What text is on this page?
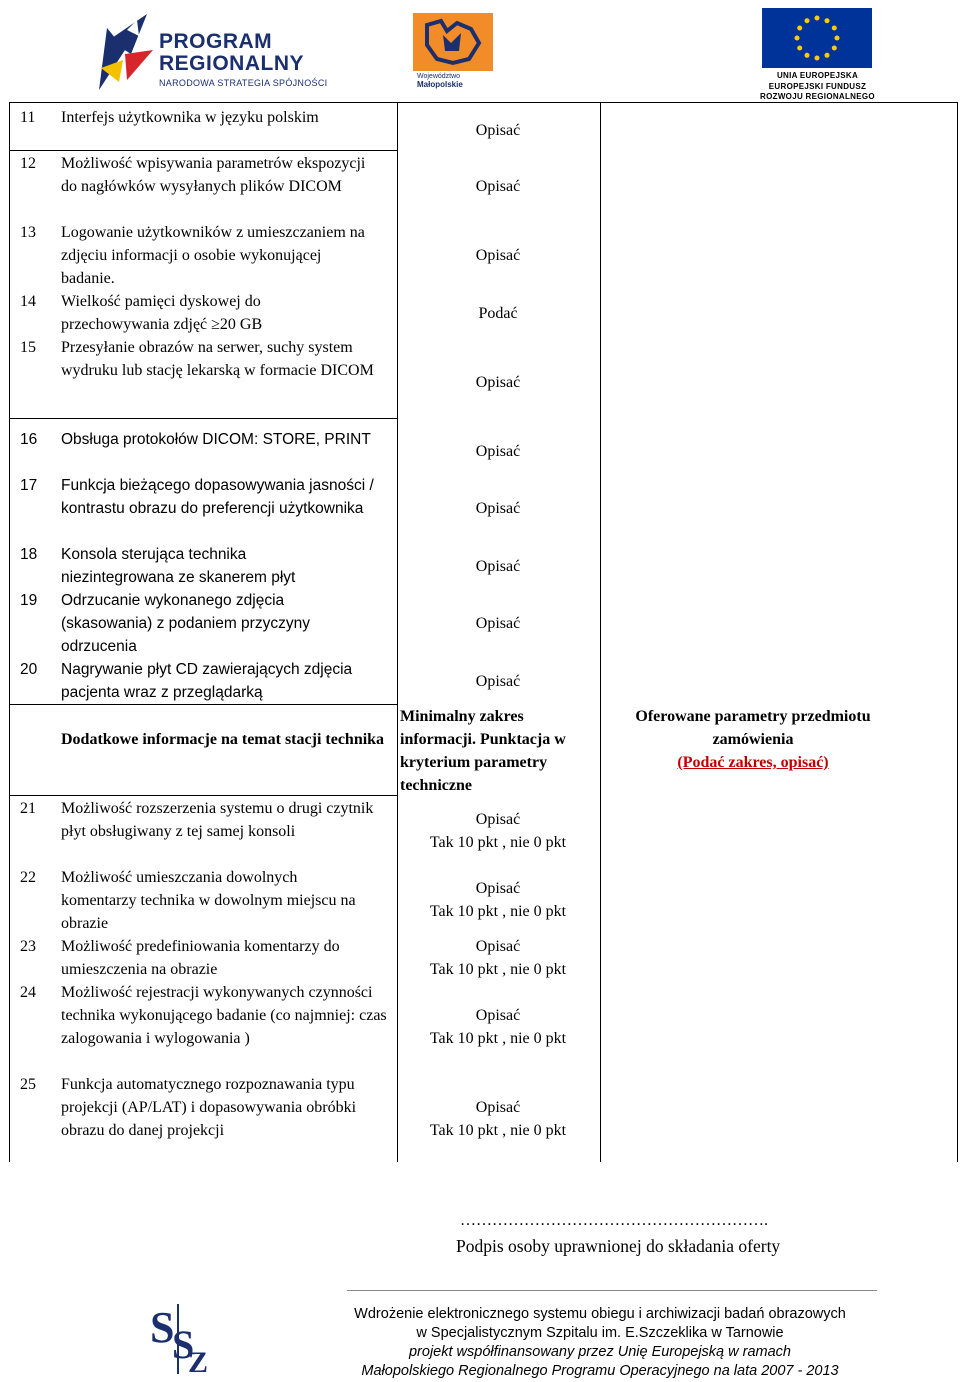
PROGRAM
REGIONALNY
NARODOWA STRATEGIA SPÓJNOŚCI
Województwo
Małopolskie
UNIA EUROPEJSKA
EUROPEJSKI FUNDUSZ
ROZWOJU REGIONALNEGO
11 Interfejs użytkownika w języku polskim
Opisać
12 Możliwość wpisywania parametrów ekspozycji do nagłówków wysyłanych plików DICOM	Opisać
13 Logowanie użytkowników z umieszczaniem na zdjęciu informacji o osobie wykonującej badanie.
Opisać
14 Wielkość pamięci dyskowej do przechowywania zdjęć ≥20 GB
Podać
15 Przesyłanie obrazów na serwer, suchy system wydruku lub stację lekarską w formacie DICOM
Opisać
16 Obsługa protokołów DICOM: STORE, PRINT
Opisać
17 Funkcja bieżącego dopasowywania jasności / kontrastu obrazu do preferencji użytkownika	Opisać
18 Konsola sterująca technika niezintegrowana ze skanerem płyt
Opisać
19 Odrzucanie wykonanego zdjęcia (skasowania) z podaniem przyczyny odrzucenia
Opisać
20 Nagrywanie płyt CD zawierających zdjęcia pacjenta wraz z przeglądarką
Opisać
Dodatkowe informacje na temat stacji technika
Minimalny zakres informacji. Punktacja w kryterium parametry techniczne
Oferowane parametry przedmiotu zamówienia
(Podać zakres, opisać)
21 Możliwość rozszerzenia systemu o drugi czytnik płyt obsługiwany z tej samej konsoli
Opisać
Tak 10 pkt , nie 0 pkt
22 Możliwość umieszczania dowolnych komentarzy technika w dowolnym miejscu na obrazie
Opisać
Tak 10 pkt , nie 0 pkt
23 Możliwość predefiniowania komentarzy do umieszczenia na obrazie
Opisać
Tak 10 pkt , nie 0 pkt
24 Możliwość rejestracji wykonywanych czynności technika wykonującego badanie (co najmniej: czas zalogowania i wylogowania )
Opisać
Tak 10 pkt , nie 0 pkt
25 Funkcja automatycznego rozpoznawania typu projekcji (AP/LAT) i dopasowywania obróbki obrazu do danej projekcji
Opisać
Tak 10 pkt , nie 0 pkt
………………………………………………….
Podpis osoby uprawnionej do składania oferty
S
S
Z
Wdrożenie elektronicznego systemu obiegu i archiwizacji badań obrazowych
w Specjalistycznym Szpitalu im. E.Szczeklika w Tarnowie
projekt współfinansowany przez Unię Europejską w ramach
Małopolskiego Regionalnego Programu Operacyjnego na lata 2007 - 2013
